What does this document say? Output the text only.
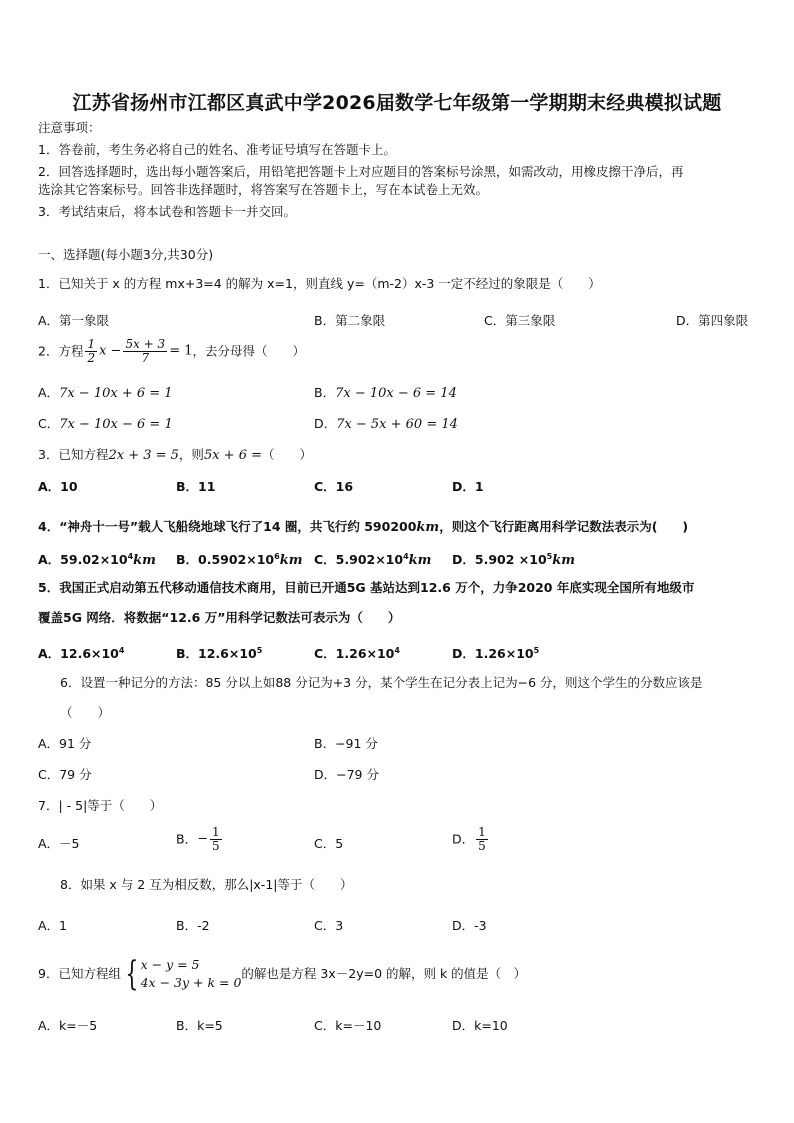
江苏省扬州市江都区真武中学2026届数学七年级第一学期期末经典模拟试题
注意事项：
1．答卷前，考生务必将自己的姓名、准考证号填写在答题卡上。
2．回答选择题时，选出每小题答案后，用铅笔把答题卡上对应题目的答案标号涂黑，如需改动，用橡皮擦干净后，再
选涂其它答案标号。回答非选择题时，将答案写在答题卡上，写在本试卷上无效。
3．考试结束后，将本试卷和答题卡一并交回。
一、选择题(每小题3分,共30分)
1．已知关于 x 的方程 mx+3=4 的解为 x=1，则直线 y=（m-2）x-3 一定不经过的象限是（　　）
A．第一象限	B．第二象限	C．第三象限	D．第四象限
2．方程 $\frac{1}{2}$ $x - \frac{5x + 3}{7} = 1$，去分母得（　　）
A．7x − 10x + 6 = 1	B．7x − 10x − 6 = 14
C．7x − 10x − 6 = 1	D．7x − 5x + 60 = 14
3．已知方程2x + 3 = 5，则5x + 6 =（　　）
A．10	B．11	C．16	D．1
4．“神舟十一号”载人飞船绕地球飞行了14 圈，共飞行约 590200km，则这个飞行距离用科学记数法表示为(　　)
A．$59.02\times 10^4km$ B．$0.5902\times 10^6km$ C．$5.902\times 10^4km$ D．$5.902 \times 10^5km$
5．我国正式启动第五代移动通信技术商用，目前已开通5G 基站达到12.6 万个，力争2020 年底实现全国所有地级市
覆盖5G 网络．将数据“12.6 万”用科学记数法可表示为（　　）
A．$12.6\times 10^4$	B．$12.6\times 10^5$	C．$1.26\times 10^4$	D．$1.26\times 10^5$
6．设置一种记分的方法：85 分以上如88 分记为+3 分，某个学生在记分表上记为−6 分，则这个学生的分数应该是
（　　）
A．91 分	B．−91 分
C．79 分	D．−79 分
7．| - 5|等于（　　）
A．－5	B．− $\frac{1}{5}$	C．5	D． $\frac{1}{5}$
8．如果 x 与 2 互为相反数，那么|x-1|等于（　　）
A．1	B．-2	C．3	D．-3
9．已知方程组 { x − y = 5
4x − 3y + k = 0
的解也是方程 3x－2y=0 的解，则 k 的值是（　）
A．k=－5	B．k=5	C．k=－10	D．k=10
